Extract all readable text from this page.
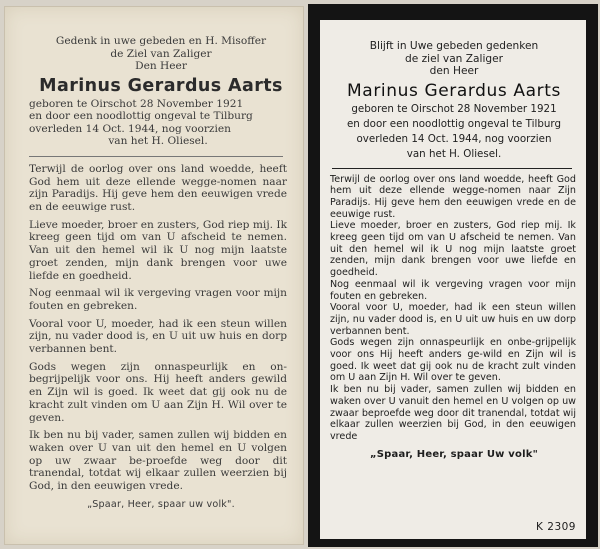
Gedenk in uwe gebeden en H. Misoffer
de Ziel van Zaliger
Den Heer
Marinus Gerardus Aarts
geboren te Oirschot 28 November 1921
en door een noodlottig ongeval te Tilburg
overleden 14 Oct. 1944, nog voorzien
van het H. Oliesel.

Terwijl de oorlog over ons land woedde, heeft God hem uit deze ellende wegge-nomen naar zijn Paradijs. Hij geve hem den eeuwigen vrede en de eeuwige rust.

Lieve moeder, broer en zusters, God riep mij. Ik kreeg geen tijd om van U afscheid te nemen. Van uit den hemel wil ik U nog mijn laatste groet zenden, mijn dank brengen voor uwe liefde en goedheid.

Nog eenmaal wil ik vergeving vragen voor mijn fouten en gebreken.

Vooral voor U, moeder, had ik een steun willen zijn, nu vader dood is, en U uit uw huis en dorp verbannen bent.

Gods wegen zijn onnaspeurlijk en on-begrijpelijk voor ons. Hij heeft anders gewild en Zijn wil is goed. Ik weet dat gij ook nu de kracht zult vinden om U aan Zijn H. Wil over te geven.

Ik ben nu bij vader, samen zullen wij bidden en waken over U van uit den hemel en U volgen op uw zwaar be-proefde weg door dit tranendal, totdat wij elkaar zullen weerzien bij God, in den eeuwigen vrede.

„Spaar, Heer, spaar uw volk".
Blijft in Uwe gebeden gedenken
de ziel van Zaliger
den Heer
Marinus Gerardus Aarts
geboren te Oirschot 28 November 1921
en door een noodlottig ongeval te Tilburg
overleden 14 Oct. 1944, nog voorzien
van het H. Oliesel.

Terwijl de oorlog over ons land woedde, heeft God hem uit deze ellende wegge-nomen naar Zijn Paradijs. Hij geve hem den eeuwigen vrede en de eeuwige rust.

Lieve moeder, broer en zusters, God riep mij. Ik kreeg geen tijd om van U afscheid te nemen. Van uit den hemel wil ik U nog mijn laatste groet zenden, mijn dank brengen voor uwe liefde en goedheid.

Nog eenmaal wil ik vergeving vragen voor mijn fouten en gebreken.

Vooral voor U, moeder, had ik een steun willen zijn, nu vader dood is, en U uit uw huis en uw dorp verbannen bent.

Gods wegen zijn onnaspeurlijk en onbe-grijpelijk voor ons Hij heeft anders ge-wild en Zijn wil is goed. Ik weet dat gij ook nu de kracht zult vinden om U aan Zijn H. Wil over te geven.

Ik ben nu bij vader, samen zullen wij bidden en waken over U vanuit den hemel en U volgen op uw zwaar beproefde weg door dit tranendal, totdat wij elkaar zullen weerzien bij God, in den eeuwigen vrede

„Spaar, Heer, spaar Uw volk"
K 2309
